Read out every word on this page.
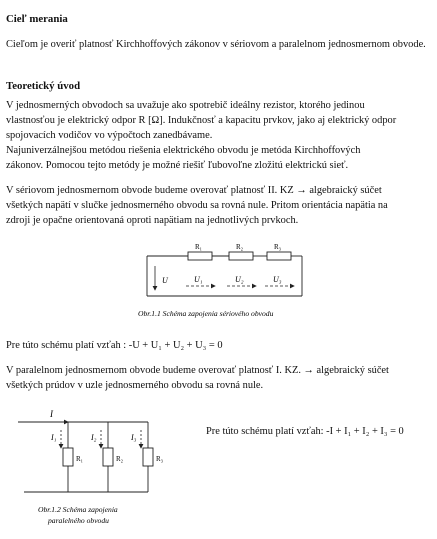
Cieľ merania
Cieľom je overiť platnosť Kirchhoffových zákonov v sériovom a paralelnom jednosmernom obvode.
Teoretický úvod
V jednosmerných obvodoch sa uvažuje ako spotrebič ideálny rezistor, ktorého jedinou
vlastnosťou je elektrický odpor R [Ω]. Indukčnosť a kapacitu prvkov, jako aj elektrický odpor
spojovacích vodičov vo výpočtoch zanedbávame.
Najuniverzálnejšou metódou riešenia elektrického obvodu je metóda Kirchhoffových
zákonov. Pomocou tejto metódy je možné riešiť ľubovoľne zložitú elektrickú sieť.
V sériovom jednosmernom obvode budeme overovať platnosť II. KZ → algebraický súčet
všetkých napätí v slučke jednosmerného obvodu sa rovná nule. Pritom orientácia napätia na
zdroji je opačne orientovaná oproti napätiam na jednotlivých prvkoch.
R₁	R₂	R₃
U	U₁	U₂	U₃
Obr.1.1 Schéma zapojenia sériového obvodu
Pre túto schému platí vzťah : -U + U₁ + U₂ + U₃ = 0
V paralelnom jednosmernom obvode budeme overovať platnosť I. KZ. → algebraický súčet
všetkých prúdov v uzle jednosmerného obvodu sa rovná nule.
I
R₁	R₂	R₃
I₁	I₂	I₃
Obr.1.2 Schéma zapojenia
paralelného obvodu
Pre túto schému platí vzťah: -I + I₁ + I₂ + I₃ = 0
